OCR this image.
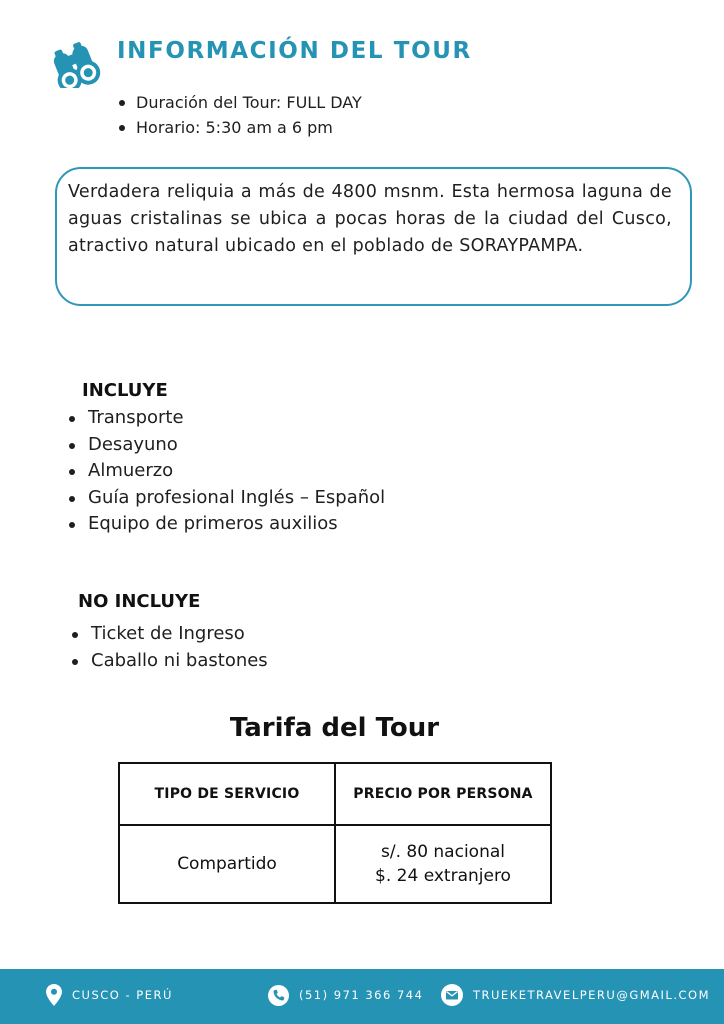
INFORMACIÓN DEL TOUR
Duración del Tour: FULL DAY
Horario: 5:30 am a 6 pm

Verdadera reliquia a más de 4800 msnm. Esta hermosa laguna de aguas cristalinas se ubica a pocas horas de la ciudad del Cusco, atractivo natural ubicado en el poblado de SORAYPAMPA.

INCLUYE
Transporte
Desayuno
Almuerzo
Guía profesional Inglés – Español
Equipo de primeros auxilios
NO INCLUYE
Ticket de Ingreso
Caballo ni bastones
Tarifa del Tour
TIPO DE SERVICIO	PRECIO POR PERSONA
Compartido	s/. 80 nacional
$. 24 extranjero
CUSCO - PERÚ	(51) 971 366 744	TRUEKETRAVELPERU@GMAIL.COM
